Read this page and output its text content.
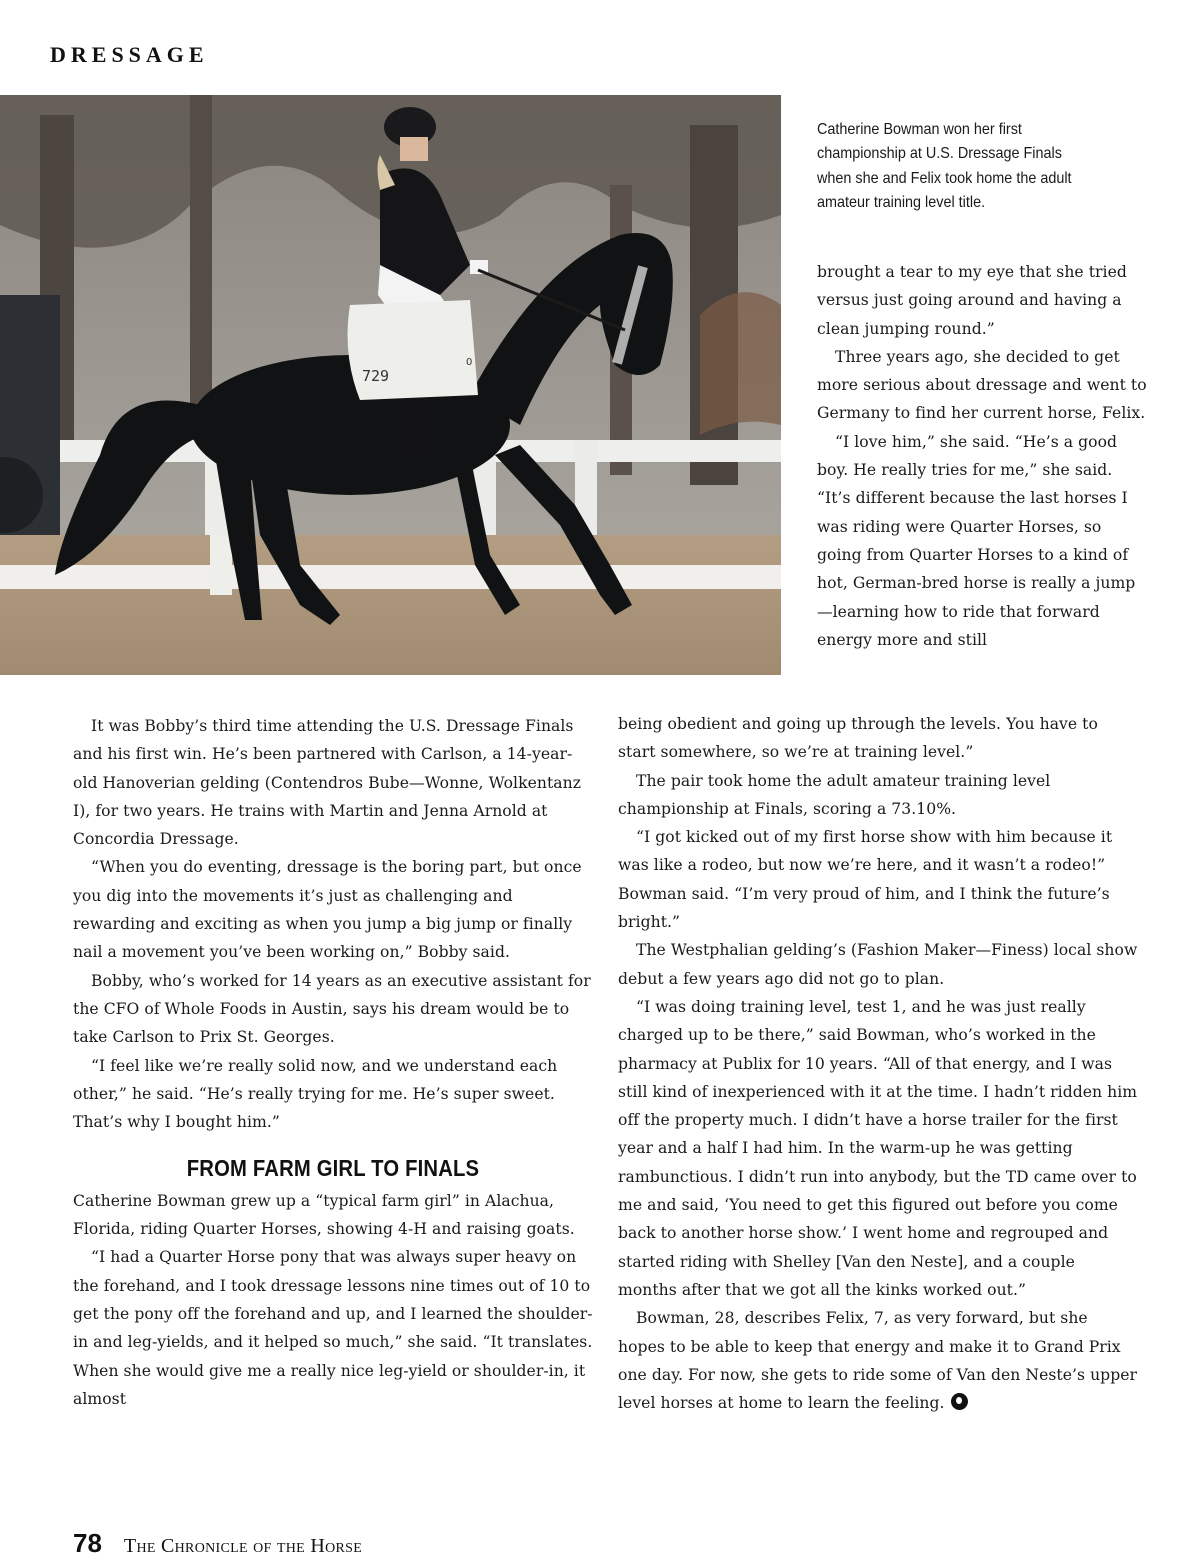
DRESSAGE
729
0
Catherine Bowman won her first championship at U.S. Dressage Finals when she and Felix took home the adult amateur training level title.

brought a tear to my eye that she tried versus just going around and having a clean jumping round.”

Three years ago, she decided to get more serious about dressage and went to Germany to find her current horse, Felix.

“I love him,” she said. “He’s a good boy. He really tries for me,” she said. “It’s different because the last horses I was riding were Quarter Horses, so going from Quarter Horses to a kind of hot, German-bred horse is really a jump—learning how to ride that forward energy more and still

being obedient and going up through the levels. You have to start somewhere, so we’re at training level.”

The pair took home the adult amateur training level championship at Finals, scoring a 73.10%.

“I got kicked out of my first horse show with him because it was like a rodeo, but now we’re here, and it wasn’t a rodeo!” Bowman said. “I’m very proud of him, and I think the future’s bright.”

The Westphalian gelding’s (Fashion Maker—Finess) local show debut a few years ago did not go to plan.

“I was doing training level, test 1, and he was just really charged up to be there,” said Bowman, who’s worked in the pharmacy at Publix for 10 years. “All of that energy, and I was still kind of inexperienced with it at the time. I hadn’t ridden him off the property much. I didn’t have a horse trailer for the first year and a half I had him. In the warm-up he was getting rambunctious. I didn’t run into anybody, but the TD came over to me and said, ‘You need to get this figured out before you come back to another horse show.’ I went home and regrouped and started riding with Shelley [Van den Neste], and a couple months after that we got all the kinks worked out.”

Bowman, 28, describes Felix, 7, as very forward, but she hopes to be able to keep that energy and make it to Grand Prix one day. For now, she gets to ride some of Van den Neste’s upper level horses at home to learn the feeling.

It was Bobby’s third time attending the U.S. Dressage Finals and his first win. He’s been partnered with Carlson, a 14-year-old Hanoverian gelding (Contendros Bube—Wonne, Wolkentanz I), for two years. He trains with Martin and Jenna Arnold at Concordia Dressage.

“When you do eventing, dressage is the boring part, but once you dig into the movements it’s just as challenging and rewarding and exciting as when you jump a big jump or finally nail a movement you’ve been working on,” Bobby said.

Bobby, who’s worked for 14 years as an executive assistant for the CFO of Whole Foods in Austin, says his dream would be to take Carlson to Prix St. Georges.

“I feel like we’re really solid now, and we understand each other,” he said. “He’s really trying for me. He’s super sweet. That’s why I bought him.”

FROM FARM GIRL TO FINALS

Catherine Bowman grew up a “typical farm girl” in Alachua, Florida, riding Quarter Horses, showing 4-H and raising goats.

“I had a Quarter Horse pony that was always super heavy on the forehand, and I took dressage lessons nine times out of 10 to get the pony off the forehand and up, and I learned the shoulder-in and leg-yields, and it helped so much,” she said. “It translates. When she would give me a really nice leg-yield or shoulder-in, it almost

78 The Chronicle of the Horse
